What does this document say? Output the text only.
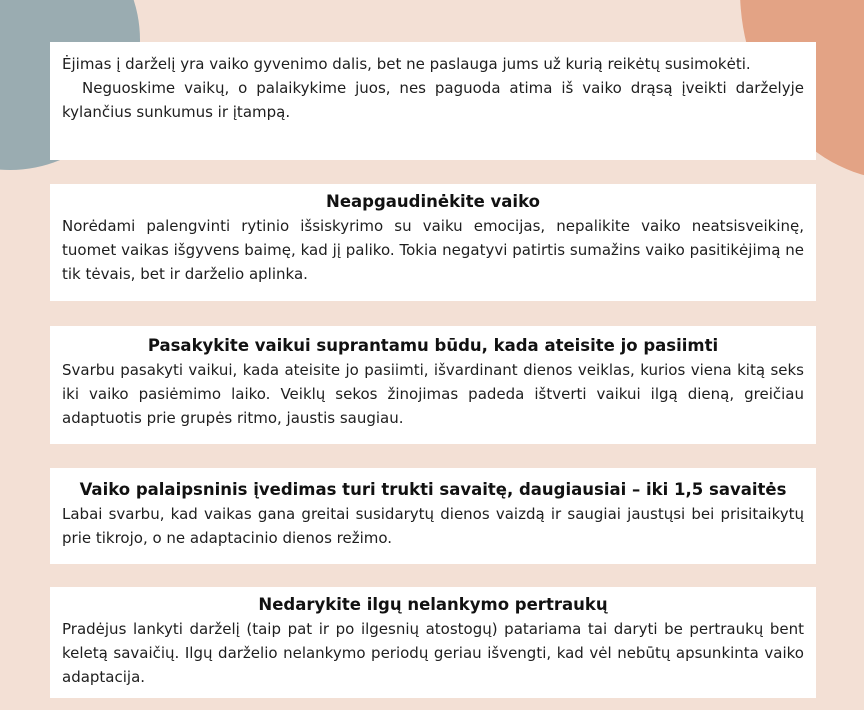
Ėjimas į darželį yra vaiko gyvenimo dalis, bet ne paslauga jums už kurią reikėtų susimokėti.

Neguoskime vaikų, o palaikykime juos, nes paguoda atima iš vaiko drąsą įveikti darželyje kylančius sunkumus ir įtampą.

Neapgaudinėkite vaiko

Norėdami palengvinti rytinio išsiskyrimo su vaiku emocijas, nepalikite vaiko neatsisveikinę, tuomet vaikas išgyvens baimę, kad jį paliko. Tokia negatyvi patirtis sumažins vaiko pasitikėjimą ne tik tėvais, bet ir darželio aplinka.

Pasakykite vaikui suprantamu būdu, kada ateisite jo pasiimti

Svarbu pasakyti vaikui, kada ateisite jo pasiimti, išvardinant dienos veiklas, kurios viena kitą seks iki vaiko pasiėmimo laiko. Veiklų sekos žinojimas padeda ištverti vaikui ilgą dieną, greičiau adaptuotis prie grupės ritmo, jaustis saugiau.

Vaiko palaipsninis įvedimas turi trukti savaitę, daugiausiai – iki 1,5 savaitės

Labai svarbu, kad vaikas gana greitai susidarytų dienos vaizdą ir saugiai jaustųsi bei prisitaikytų prie tikrojo, o ne adaptacinio dienos režimo.

Nedarykite ilgų nelankymo pertraukų

Pradėjus lankyti darželį (taip pat ir po ilgesnių atostogų) patariama tai daryti be pertraukų bent keletą savaičių. Ilgų darželio nelankymo periodų geriau išvengti, kad vėl nebūtų apsunkinta vaiko adaptacija.
